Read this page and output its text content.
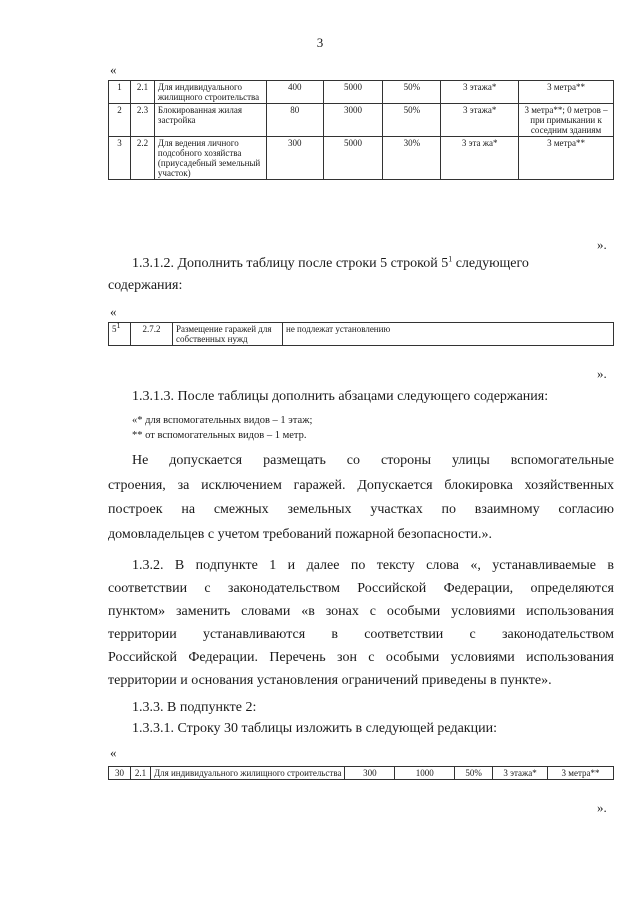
3
«
1	2.1	Для индивидуального жилищного строительства	400	5000	50%	3 этажа*	3 метра**
2	2.3	Блокированная жилая застройка	80	3000	50%	3 этажа*	3 метра**; 0 метров – при примыкании к соседним зданиям
3	2.2	Для ведения личного подсобного хозяйства (приусадебный земельный участок)	300	5000	30%	3 эта жа*	3 метра**
».
1.3.1.2. Дополнить таблицу после строки 5 строкой $5^1$ следующего
содержания:
«
$5^1$	2.7.2	Размещение гаражей для собственных нужд	не подлежат установлению
».
1.3.1.3. После таблицы дополнить абзацами следующего содержания:
«* для вспомогательных видов – 1 этаж;
** от вспомогательных видов – 1 метр.
Не допускается размещать со стороны улицы вспомогательные
строения, за исключением гаражей. Допускается блокировка хозяйственных
построек на смежных земельных участках по взаимному согласию
домовладельцев с учетом требований пожарной безопасности.».
1.3.2. В подпункте 1 и далее по тексту слова «, устанавливаемые в
соответствии с законодательством Российской Федерации, определяются
пунктом» заменить словами «в зонах с особыми условиями использования
территории устанавливаются в соответствии с законодательством
Российской Федерации. Перечень зон с особыми условиями использования
территории и основания установления ограничений приведены в пункте».
1.3.3. В подпункте 2:
1.3.3.1. Строку 30 таблицы изложить в следующей редакции:
«
30	2.1	Для индивидуального жилищного строительства	300	1000	50%	3 этажа*	3 метра**
».
